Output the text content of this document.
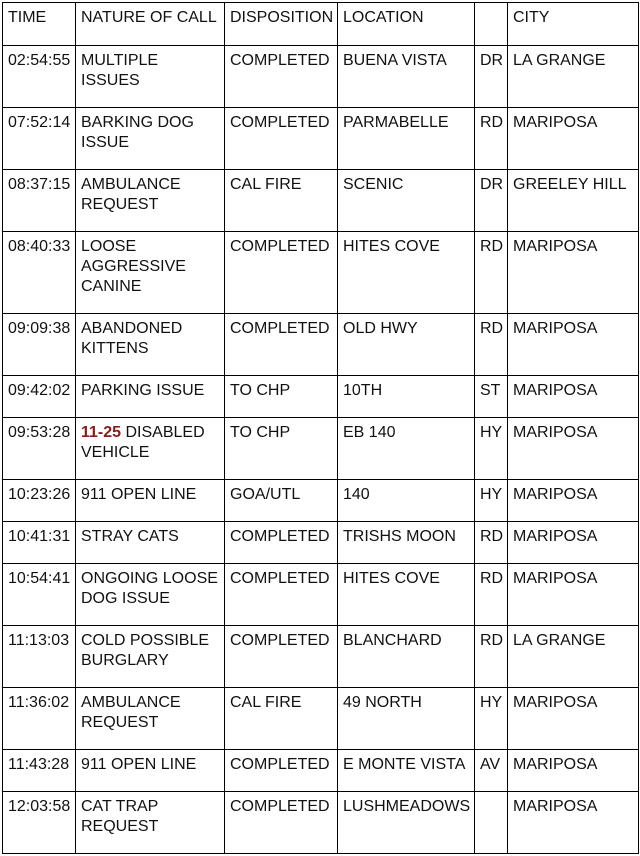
TIME	NATURE OF CALL	DISPOSITION	LOCATION		CITY
02:54:55	MULTIPLE ISSUES	COMPLETED	BUENA VISTA	DR	LA GRANGE
07:52:14	BARKING DOG ISSUE	COMPLETED	PARMABELLE	RD	MARIPOSA
08:37:15	AMBULANCE REQUEST	CAL FIRE	SCENIC	DR	GREELEY HILL
08:40:33	LOOSE AGGRESSIVE CANINE	COMPLETED	HITES COVE	RD	MARIPOSA
09:09:38	ABANDONED KITTENS	COMPLETED	OLD HWY	RD	MARIPOSA
09:42:02	PARKING ISSUE	TO CHP	10TH	ST	MARIPOSA
09:53:28	11-25 DISABLED VEHICLE	TO CHP	EB 140	HY	MARIPOSA
10:23:26	911 OPEN LINE	GOA/UTL	140	HY	MARIPOSA
10:41:31	STRAY CATS	COMPLETED	TRISHS MOON	RD	MARIPOSA
10:54:41	ONGOING LOOSE DOG ISSUE	COMPLETED	HITES COVE	RD	MARIPOSA
11:13:03	COLD POSSIBLE BURGLARY	COMPLETED	BLANCHARD	RD	LA GRANGE
11:36:02	AMBULANCE REQUEST	CAL FIRE	49 NORTH	HY	MARIPOSA
11:43:28	911 OPEN LINE	COMPLETED	E MONTE VISTA	AV	MARIPOSA
12:03:58	CAT TRAP REQUEST	COMPLETED	LUSHMEADOWS		MARIPOSA
